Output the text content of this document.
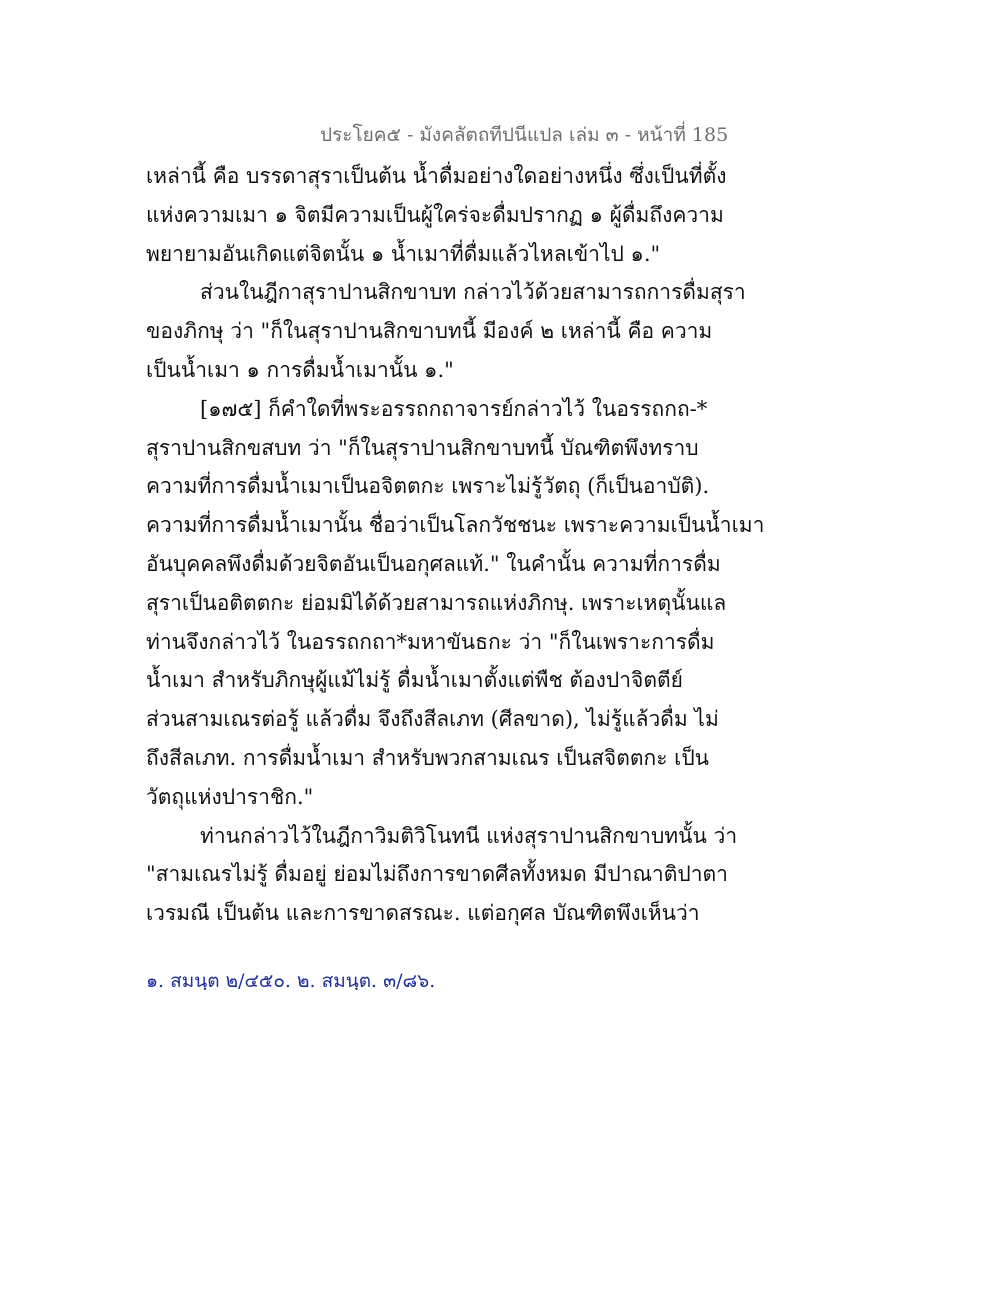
ประโยค๕ - มังคลัตถทีปนีแปล เล่ม ๓ - หน้าที่ 185
เหล่านี้ คือ บรรดาสุราเป็นต้น น้ำดื่มอย่างใดอย่างหนึ่ง ซึ่งเป็นที่ตั้ง
แห่งความเมา ๑ จิตมีความเป็นผู้ใคร่จะดื่มปรากฏ ๑ ผู้ดื่มถึงความ
พยายามอันเกิดแต่จิตนั้น ๑ น้ำเมาที่ดื่มแล้วไหลเข้าไป ๑."
ส่วนในฎีกาสุราปานสิกขาบท กล่าวไว้ด้วยสามารถการดื่มสุรา
ของภิกษุ ว่า "ก็ในสุราปานสิกขาบทนี้ มีองค์ ๒ เหล่านี้ คือ ความ
เป็นน้ำเมา ๑ การดื่มน้ำเมานั้น ๑."
[๑๗๕] ก็คำใดที่พระอรรถกถาจารย์กล่าวไว้ ในอรรถกถ-*
สุราปานสิกขสบท ว่า "ก็ในสุราปานสิกขาบทนี้ บัณฑิตพึงทราบ
ความที่การดื่มน้ำเมาเป็นอจิตตกะ เพราะไม่รู้วัตถุ (ก็เป็นอาบัติ).
ความที่การดื่มน้ำเมานั้น ชื่อว่าเป็นโลกวัชชนะ เพราะความเป็นน้ำเมา
อันบุคคลพึงดื่มด้วยจิตอันเป็นอกุศลแท้." ในคำนั้น ความที่การดื่ม
สุราเป็นอติตตกะ ย่อมมิได้ด้วยสามารถแห่งภิกษุ. เพราะเหตุนั้นแล
ท่านจึงกล่าวไว้ ในอรรถกถา*มหาขันธกะ ว่า "ก็ในเพราะการดื่ม
น้ำเมา สำหรับภิกษุผู้แม้ไม่รู้ ดื่มน้ำเมาตั้งแต่พืช ต้องปาจิตตีย์
ส่วนสามเณรต่อรู้ แล้วดื่ม จึงถึงสีลเภท (ศีลขาด), ไม่รู้แล้วดื่ม ไม่
ถึงสีลเภท. การดื่มน้ำเมา สำหรับพวกสามเณร เป็นสจิตตกะ เป็น
วัตถุแห่งปาราชิก."
ท่านกล่าวไว้ในฎีกาวิมติวิโนทนี แห่งสุราปานสิกขาบทนั้น ว่า
"สามเณรไม่รู้ ดื่มอยู่ ย่อมไม่ถึงการขาดศีลทั้งหมด มีปาณาติปาตา
เวรมณี เป็นต้น และการขาดสรณะ. แต่อกุศล บัณฑิตพึงเห็นว่า
๑. สมนฺต ๒/๔๕๐. ๒. สมนฺต. ๓/๘๖.
